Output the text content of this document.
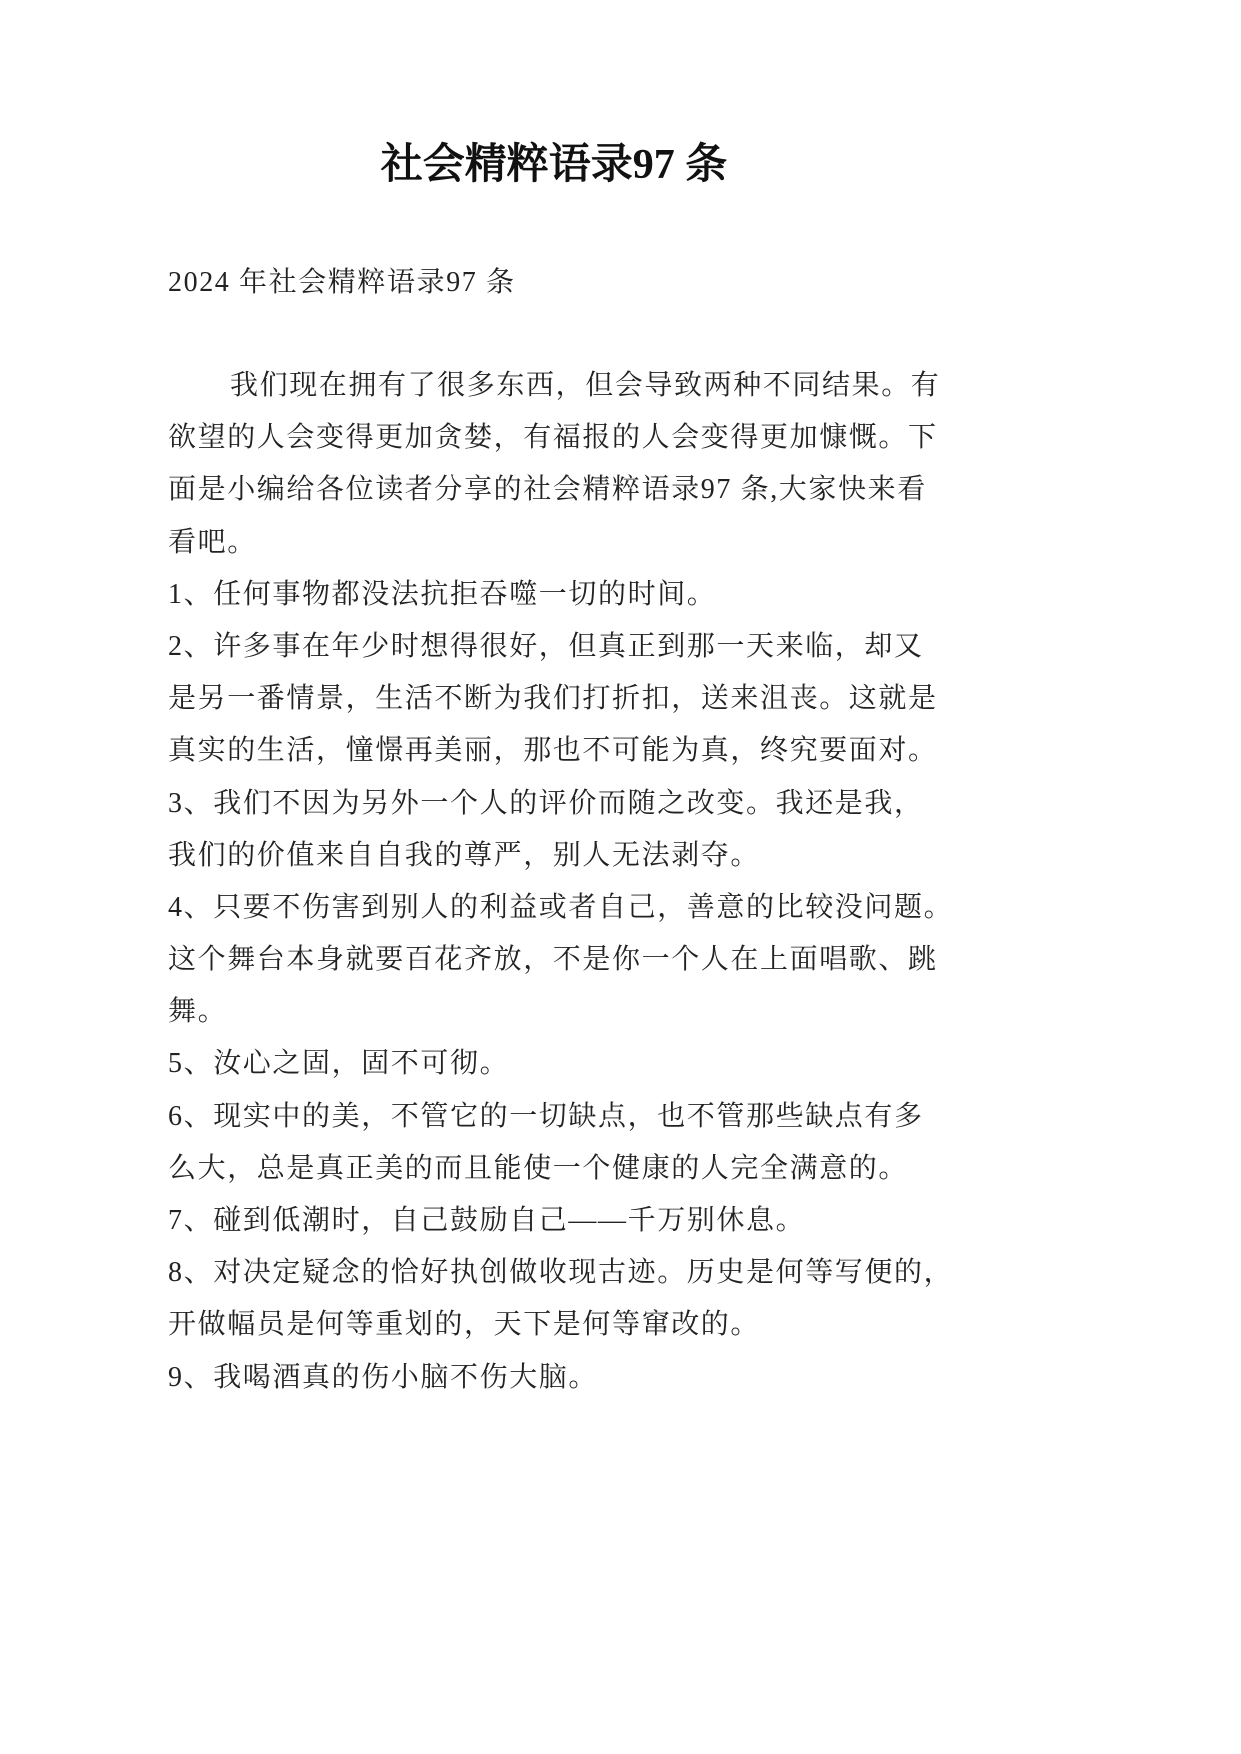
社会精粹语录97 条
2024 年社会精粹语录97 条
我们现在拥有了很多东西，但会导致两种不同结果。有
欲望的人会变得更加贪婪，有福报的人会变得更加慷慨。下
面是小编给各位读者分享的社会精粹语录97 条,大家快来看
看吧。
1、任何事物都没法抗拒吞噬一切的时间。
2、许多事在年少时想得很好，但真正到那一天来临，却又
是另一番情景，生活不断为我们打折扣，送来沮丧。这就是
真实的生活，憧憬再美丽，那也不可能为真，终究要面对。
3、我们不因为另外一个人的评价而随之改变。我还是我，
我们的价值来自自我的尊严，别人无法剥夺。
4、只要不伤害到别人的利益或者自己，善意的比较没问题。
这个舞台本身就要百花齐放，不是你一个人在上面唱歌、跳
舞。
5、汝心之固，固不可彻。
6、现实中的美，不管它的一切缺点，也不管那些缺点有多
么大，总是真正美的而且能使一个健康的人完全满意的。
7、碰到低潮时，自己鼓励自己——千万别休息。
8、对决定疑念的恰好执创做收现古迹。历史是何等写便的，
开做幅员是何等重划的，天下是何等窜改的。
9、我喝酒真的伤小脑不伤大脑。
